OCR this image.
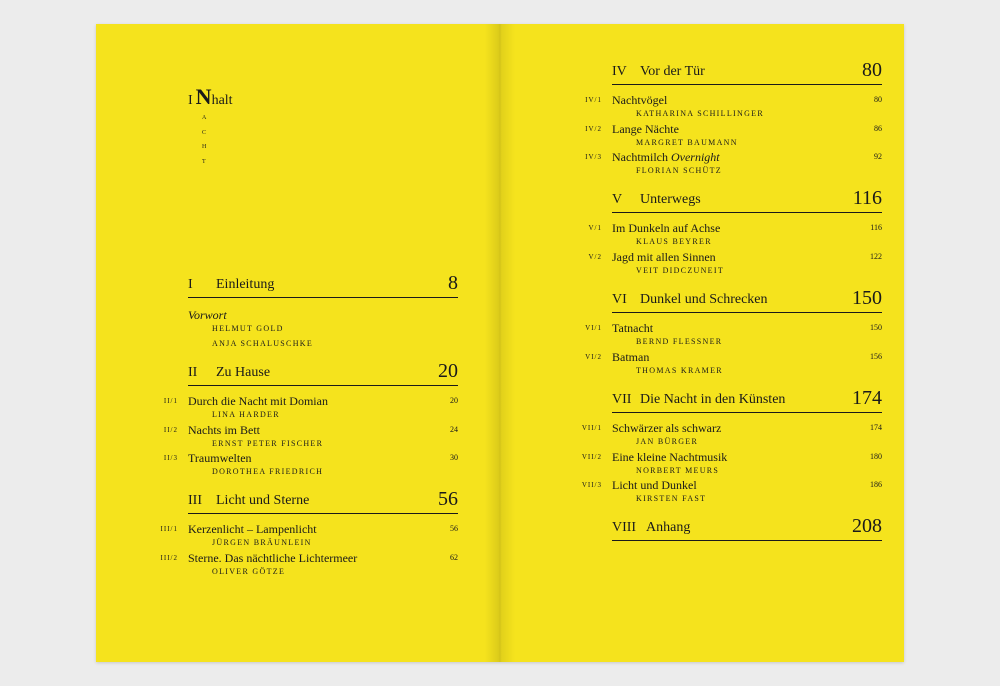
I Nhalt
A
C
H
T
I Einleitung	8
Vorwort
HELMUT GOLD
ANJA SCHALUSCHKE
II Zu Hause	20
II/1 Durch die Nacht mit Domian	20
LINA HARDER
II/2 Nachts im Bett	24
ERNST PETER FISCHER
II/3 Traumwelten	30
DOROTHEA FRIEDRICH
III Licht und Sterne	56
III/1 Kerzenlicht – Lampenlicht	56
JÜRGEN BRÄUNLEIN
III/2 Sterne. Das nächtliche Lichtermeer	62
OLIVER GÖTZE
IV Vor der Tür	80
IV/1 Nachtvögel	80
KATHARINA SCHILLINGER
IV/2 Lange Nächte	86
MARGRET BAUMANN
IV/3 Nachtmilch Overnight	92
FLORIAN SCHÜTZ
V Unterwegs	116
V/1 Im Dunkeln auf Achse	116
KLAUS BEYRER
V/2 Jagd mit allen Sinnen	122
VEIT DIDCZUNEIT
VI Dunkel und Schrecken	150
VI/1 Tatnacht	150
BERND FLESSNER
VI/2 Batman	156
THOMAS KRAMER
VII Die Nacht in den Künsten	174
VII/1 Schwärzer als schwarz	174
JAN BÜRGER
VII/2 Eine kleine Nachtmusik	180
NORBERT MEURS
VII/3 Licht und Dunkel	186
KIRSTEN FAST
VIII Anhang	208
